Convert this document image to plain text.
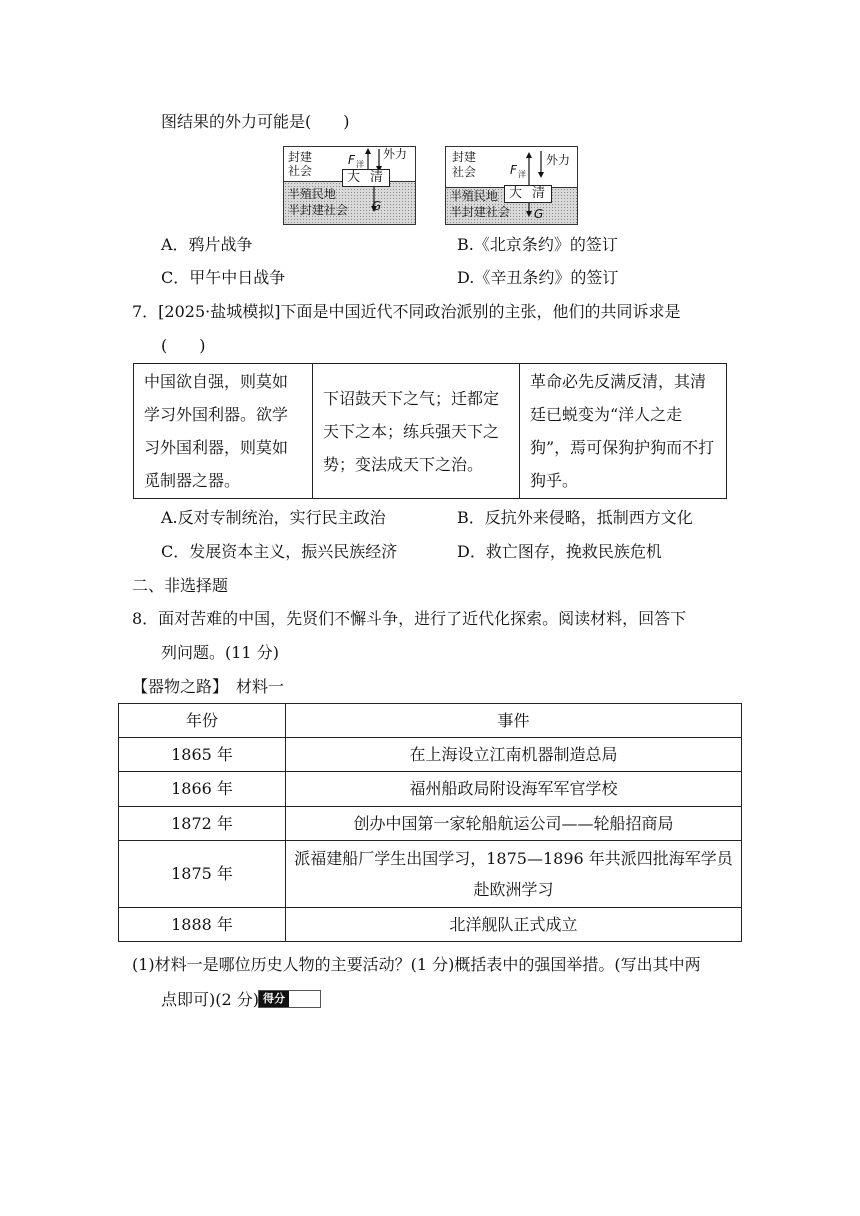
图结果的外力可能是(　　)
封建
社会
F 洋
外力
大 清
半殖民地
半封建社会 G
封建
社会	F 洋
外力
大 清
半殖民地
半封建社会 G
A．鸦片战争	B.《北京条约》的签订
C．甲午中日战争	D.《辛丑条约》的签订
7．[2025·盐城模拟]下面是中国近代不同政治派别的主张，他们的共同诉求是
(　　)
中国欲自强，则莫如学习外国利器。欲学习外国利器，则莫如觅制器之器。	下诏鼓天下之气；迁都定天下之本；练兵强天下之势；变法成天下之治。	革命必先反满反清，其清廷已蜕变为“洋人之走狗”，焉可保狗护狗而不打狗乎。
A.反对专制统治，实行民主政治	B．反抗外来侵略，抵制西方文化
C．发展资本主义，振兴民族经济	D．救亡图存，挽救民族危机
二、非选择题
8．面对苦难的中国，先贤们不懈斗争，进行了近代化探索。阅读材料，回答下
列问题。(11 分)
【器物之路】　材料一
年份	事件
1865 年	在上海设立江南机器制造总局
1866 年	福州船政局附设海军军官学校
1872 年	创办中国第一家轮船航运公司——轮船招商局
1875 年	派福建船厂学生出国学习，1875—1896 年共派四批海军学员赴欧洲学习
1888 年	北洋舰队正式成立
(1)材料一是哪位历史人物的主要活动？(1 分)概括表中的强国举措。(写出其中两
点即可)(2 分) 得分
